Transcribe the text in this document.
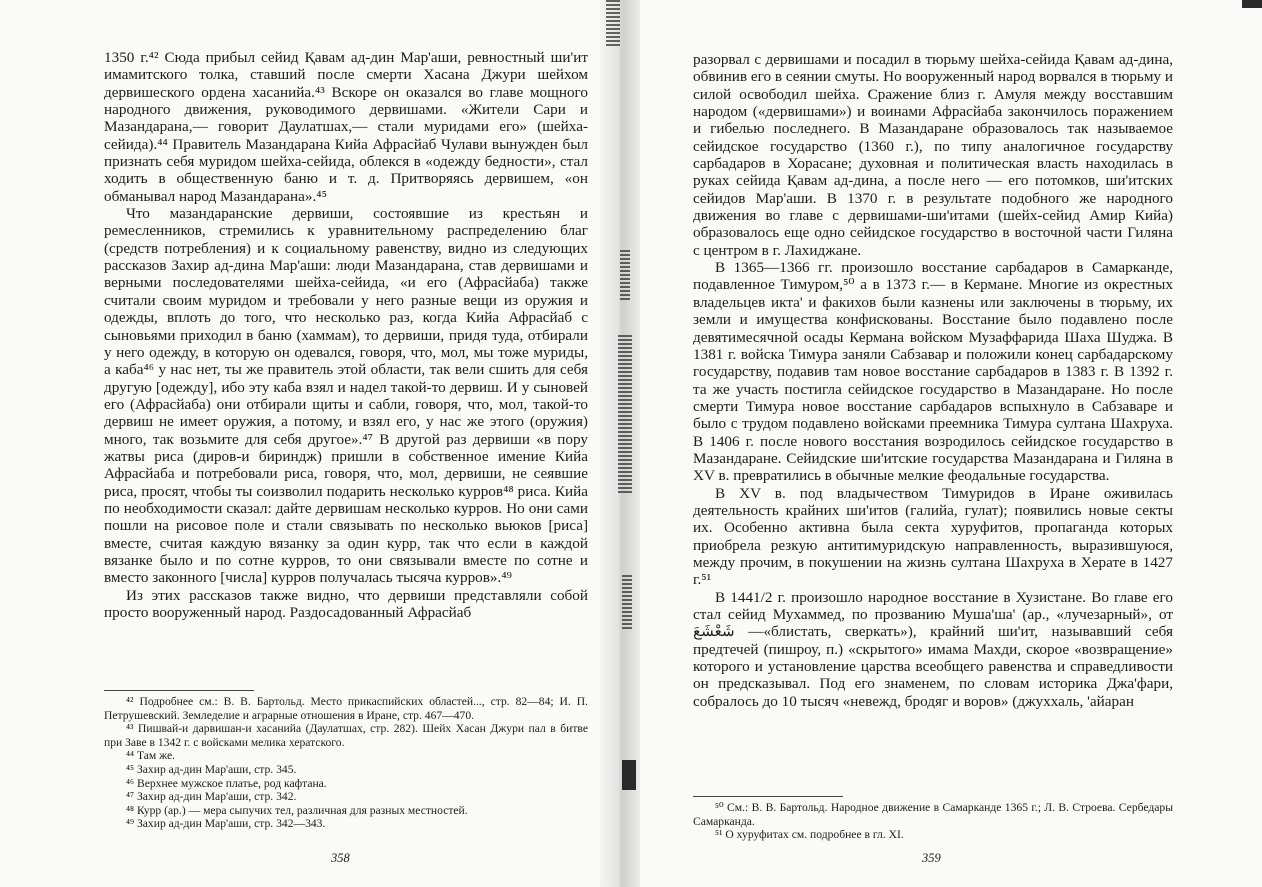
1350 г.⁴² Сюда прибыл сейид Қавам ад-дин Мар'аши, ревностный ши'ит имамитского толка, ставший после смерти Хасана Джури шейхом дервишеского ордена хасанийа.⁴³ Вскоре он оказался во главе мощного народного движения, руководимого дервишами. «Жители Сари и Мазандарана,— говорит Даулатшах,— стали муридами его» (шейха-сейида).⁴⁴ Правитель Мазандарана Кийа Афрасйаб Чулави вынужден был признать себя муридом шейха-сейида, облекся в «одежду бедности», стал ходить в общественную баню и т. д. Притворяясь дервишем, «он обманывал народ Мазандарана».⁴⁵

Что мазандаранские дервиши, состоявшие из крестьян и ремесленников, стремились к уравнительному распределению благ (средств потребления) и к социальному равенству, видно из следующих рассказов Захир ад-дина Мар'аши: люди Мазандарана, став дервишами и верными последователями шейха-сейида, «и его (Афрасйаба) также считали своим муридом и требовали у него разные вещи из оружия и одежды, вплоть до того, что несколько раз, когда Кийа Афрасйаб с сыновьями приходил в баню (хаммам), то дервиши, придя туда, отбирали у него одежду, в которую он одевался, говоря, что, мол, мы тоже муриды, а каба⁴⁶ у нас нет, ты же правитель этой области, так вели сшить для себя другую [одежду], ибо эту каба взял и надел такой-то дервиш. И у сыновей его (Афрасйаба) они отбирали щиты и сабли, говоря, что, мол, такой-то дервиш не имеет оружия, а потому, и взял его, у нас же этого (оружия) много, так возьмите для себя другое».⁴⁷ В другой раз дервиши «в пору жатвы риса (диров-и бириндж) пришли в собственное имение Кийа Афрасйаба и потребовали риса, говоря, что, мол, дервиши, не сеявшие риса, просят, чтобы ты соизволил подарить несколько курров⁴⁸ риса. Кийа по необходимости сказал: дайте дервишам несколько курров. Но они сами пошли на рисовое поле и стали связывать по несколько вьюков [риса] вместе, считая каждую вязанку за один курр, так что если в каждой вязанке было и по сотне курров, то они связывали вместе по сотне и вместо законного [числа] курров получалась тысяча курров».⁴⁹

Из этих рассказов также видно, что дервиши представляли собой просто вооруженный народ. Раздосадованный Афрасйаб

⁴² Подробнее см.: В. В. Бартольд. Место прикаспийских областей..., стр. 82—84; И. П. Петрушевский. Земледелие и аграрные отношения в Иране, стр. 467—470.

⁴³ Пишвай-и дарвишан-и хасанийа (Даулатшах, стр. 282). Шейх Хасан Джури пал в битве при Заве в 1342 г. с войсками мелика хератского.

⁴⁴ Там же.

⁴⁵ Захир ад-дин Мар'аши, стр. 345.

⁴⁶ Верхнее мужское платье, род кафтана.

⁴⁷ Захир ад-дин Мар'аши, стр. 342.

⁴⁸ Курр (ар.) — мера сыпучих тел, различная для разных местностей.

⁴⁹ Захир ад-дин Мар'аши, стр. 342—343.

358

разорвал с дервишами и посадил в тюрьму шейха-сейида Қавам ад-дина, обвинив его в сеянии смуты. Но вооруженный народ ворвался в тюрьму и силой освободил шейха. Сражение близ г. Амуля между восставшим народом («дервишами») и воинами Афрасйаба закончилось поражением и гибелью последнего. В Мазандаране образовалось так называемое сейидское государство (1360 г.), по типу аналогичное государству сарбадаров в Хорасане; духовная и политическая власть находилась в руках сейида Қавам ад-дина, а после него — его потомков, ши'итских сейидов Мар'аши. В 1370 г. в результате подобного же народного движения во главе с дервишами-ши'итами (шейх-сейид Амир Кийа) образовалось еще одно сейидское государство в восточной части Гиляна с центром в г. Лахиджане.

В 1365—1366 гг. произошло восстание сарбадаров в Самарканде, подавленное Тимуром,⁵⁰ а в 1373 г.— в Кермане. Многие из окрестных владельцев икта' и факихов были казнены или заключены в тюрьму, их земли и имущества конфискованы. Восстание было подавлено после девятимесячной осады Кермана войском Музаффарида Шаха Шуджа. В 1381 г. войска Тимура заняли Сабзавар и положили конец сарбадарскому государству, подавив там новое восстание сарбадаров в 1383 г. В 1392 г. та же участь постигла сейидское государство в Мазандаране. Но после смерти Тимура новое восстание сарбадаров вспыхнуло в Сабзаваре и было с трудом подавлено войсками преемника Тимура султана Шахруха. В 1406 г. после нового восстания возродилось сейидское государство в Мазандаране. Сейидские ши'итские государства Мазандарана и Гиляна в XV в. превратились в обычные мелкие феодальные государства.

В XV в. под владычеством Тимуридов в Иране оживилась деятельность крайних ши'итов (галийа, гулат); появились новые секты их. Особенно активна была секта хуруфитов, пропаганда которых приобрела резкую антитимуридскую направленность, выразившуюся, между прочим, в покушении на жизнь султана Шахруха в Херате в 1427 г.⁵¹

В 1441/2 г. произошло народное восстание в Хузистане. Во главе его стал сейид Мухаммед, по прозванию Муша'ша' (ар., «лучезарный», от شَعْشَعَ —«блистать, сверкать»), крайний ши'ит, называвший себя предтечей (пишроу, п.) «скрытого» имама Махди, скорое «возвращение» которого и установление царства всеобщего равенства и справедливости он предсказывал. Под его знаменем, по словам историка Джа'фари, собралось до 10 тысяч «невежд, бродяг и воров» (джуххаль, 'айаран

⁵⁰ См.: В. В. Бартольд. Народное движение в Самарканде 1365 г.; Л. В. Строева. Сербедары Самарканда.

⁵¹ О хуруфитах см. подробнее в гл. XI.

359
